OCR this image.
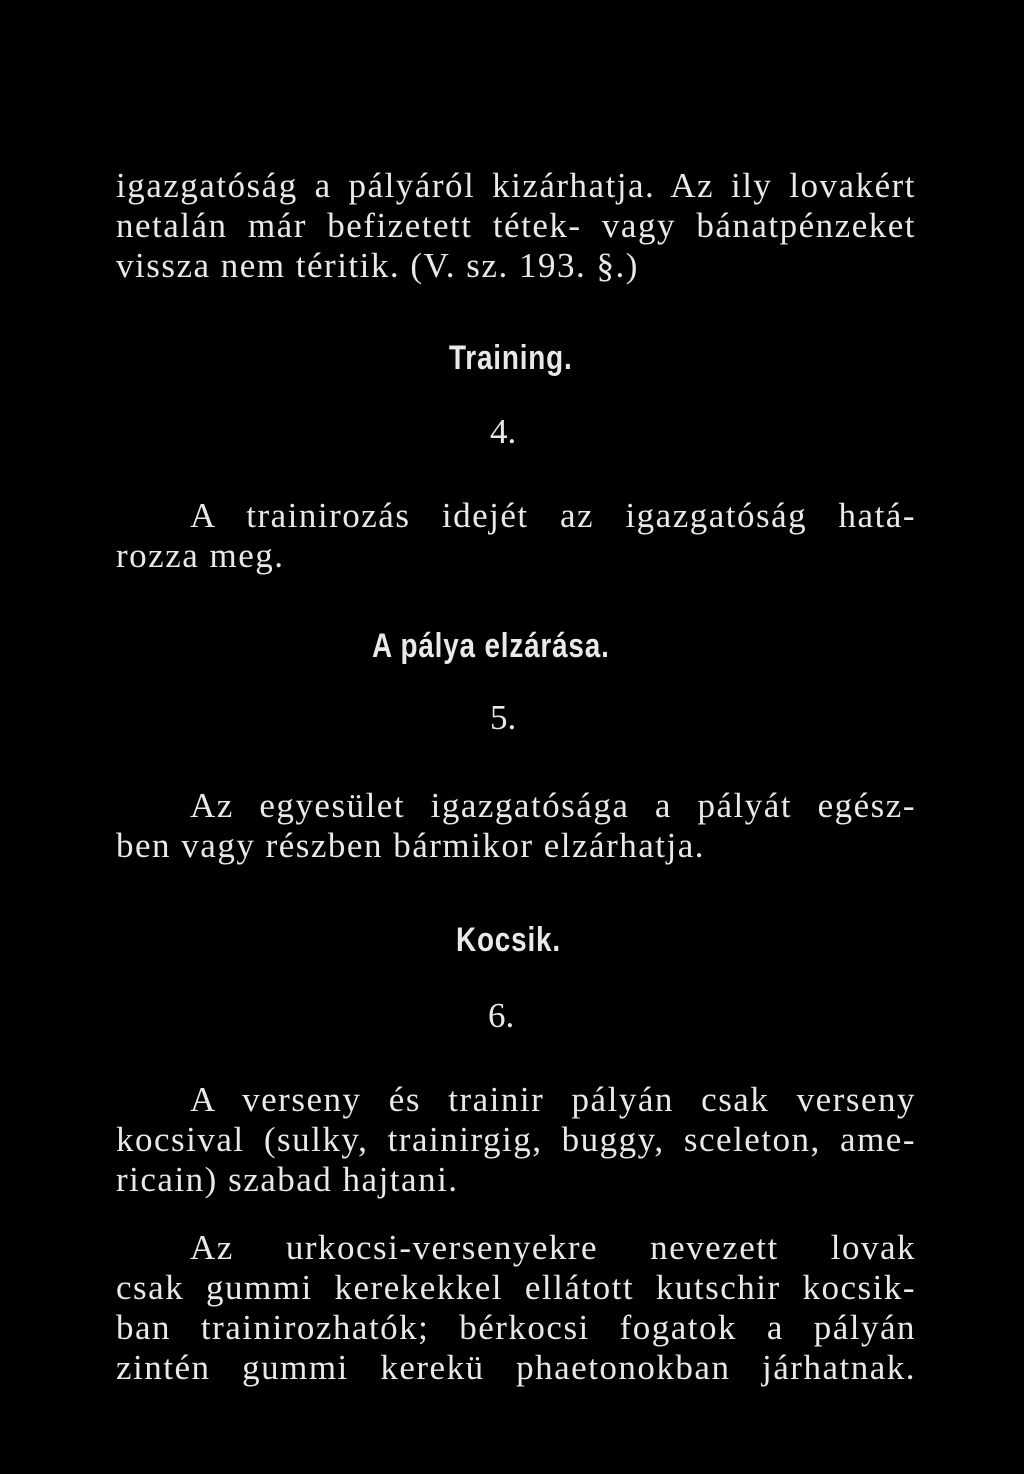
igazgatóság a pályáról kizárhatja. Az ily lovakért

netalán már befizetett tétek- vagy bánatpénzeket

vissza nem téritik. (V. sz. 193. §.)

Training.

4.

A trainirozás idejét az igazgatóság hatá-

rozza meg.

A pálya elzárása.

5.

Az egyesület igazgatósága a pályát egész-

ben vagy részben bármikor elzárhatja.

Kocsik.

6.

A verseny és trainir pályán csak verseny

kocsival (sulky, trainirgig, buggy, sceleton, ame-

ricain) szabad hajtani.

Az urkocsi-versenyekre nevezett lovak

csak gummi kerekekkel ellátott kutschir kocsik-

ban trainirozhatók; bérkocsi fogatok a pályán

zintén gummi kerekü phaetonokban járhatnak.
